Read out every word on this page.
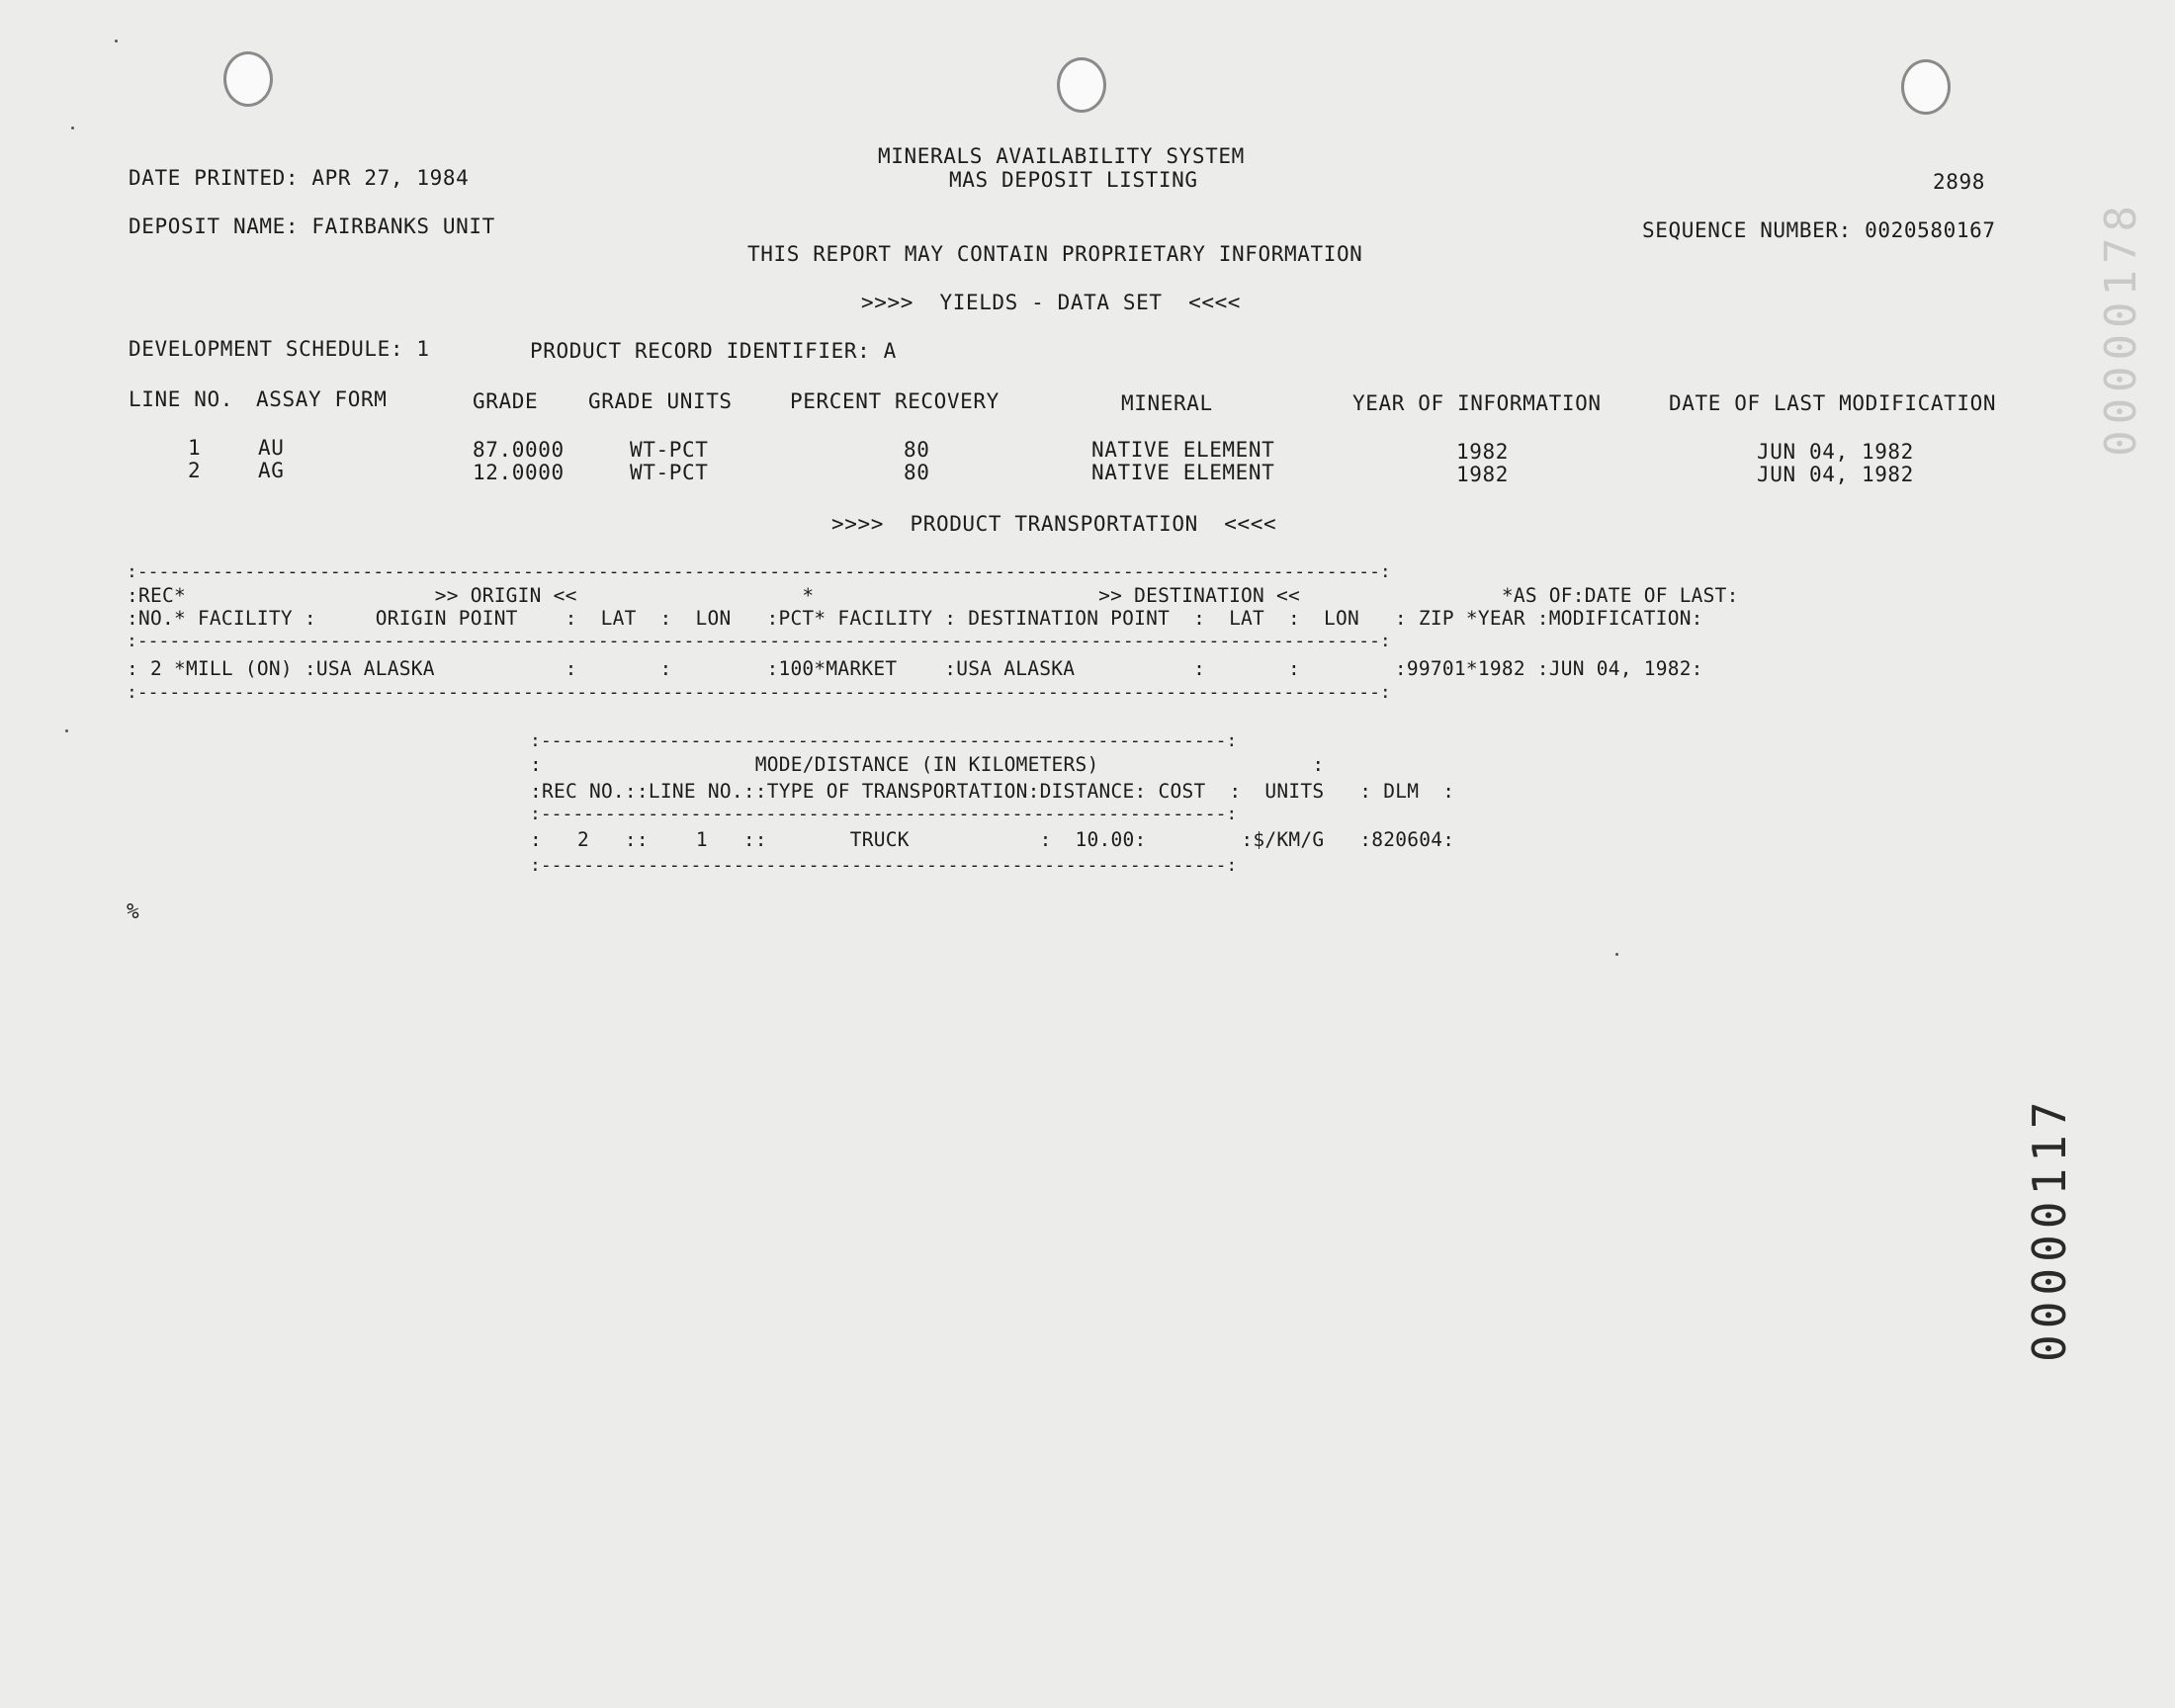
MINERALS AVAILABILITY SYSTEM
DATE PRINTED: APR 27, 1984	MAS DEPOSIT LISTING	2898
DEPOSIT NAME: FAIRBANKS UNIT	SEQUENCE NUMBER: 0020580167
THIS REPORT MAY CONTAIN PROPRIETARY INFORMATION
>>>>  YIELDS - DATA SET  <<<<
DEVELOPMENT SCHEDULE: 1	PRODUCT RECORD IDENTIFIER: A
LINE NO. ASSAY FORM	GRADE GRADE UNITS	PERCENT RECOVERY	MINERAL	YEAR OF INFORMATION	DATE OF LAST MODIFICATION
1	AU	87.0000	WT-PCT	80	NATIVE ELEMENT	1982	JUN 04, 1982
2	AG	12.0000	WT-PCT	80	NATIVE ELEMENT	1982	JUN 04, 1982
>>>>  PRODUCT TRANSPORTATION  <<<<
:--------------------------------------------------------------------------------------------------------------------:
:REC*                     >> ORIGIN <<                   *                        >> DESTINATION <<                 *AS OF:DATE OF LAST:
:NO.* FACILITY :     ORIGIN POINT    :  LAT  :  LON   :PCT* FACILITY : DESTINATION POINT  :  LAT  :  LON   : ZIP *YEAR :MODIFICATION:
:--------------------------------------------------------------------------------------------------------------------:
: 2 *MILL (ON) :USA ALASKA           :       :        :100*MARKET    :USA ALASKA          :       :        :99701*1982 :JUN 04, 1982:
:--------------------------------------------------------------------------------------------------------------------:
:----------------------------------------------------------------:
:                  MODE/DISTANCE (IN KILOMETERS)                  :
:REC NO.::LINE NO.::TYPE OF TRANSPORTATION:DISTANCE: COST  :  UNITS   : DLM  :
:----------------------------------------------------------------:
:   2   ::    1   ::       TRUCK           :  10.00:        :$/KM/G   :820604:
:----------------------------------------------------------------:
%
00000178
00000117
